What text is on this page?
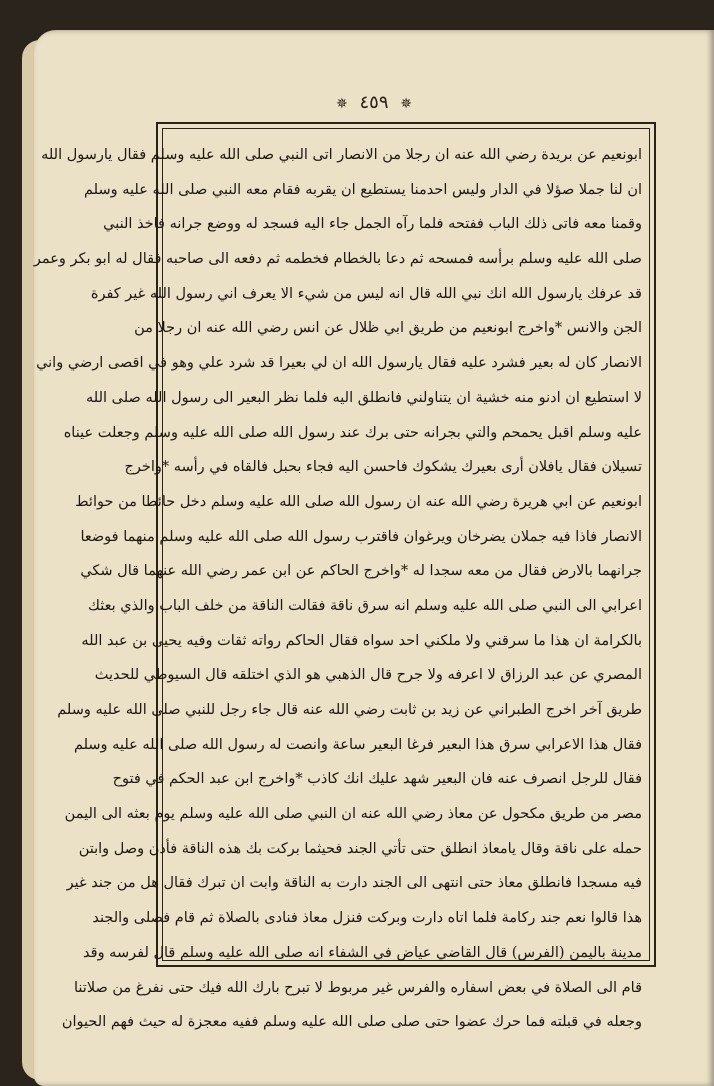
✵ ٤٥٩ ✵
ابونعيم عن بريدة رضي الله عنه ان رجلا من الانصار اتى النبي صلى الله عليه وسلم فقال يارسول الله
ان لنا جملا صؤلا في الدار وليس احدمنا يستطيع ان يقربه فقام معه النبي صلى الله عليه وسلم
وقمنا معه فاتى ذلك الباب ففتحه فلما رآه الجمل جاء اليه فسجد له ووضع جرانه فاخذ النبي
صلى الله عليه وسلم برأسه فمسحه ثم دعا بالخطام فخطمه ثم دفعه الى صاحبه فقال له ابو بكر وعمر
قد عرفك يارسول الله انك نبي الله قال انه ليس من شيء الا يعرف اني رسول الله غير كفرة
الجن والانس *واخرج ابونعيم من طريق ابي ظلال عن انس رضي الله عنه ان رجلا من
الانصار كان له بعير فشرد عليه فقال يارسول الله ان لي بعيرا قد شرد علي وهو في اقصى ارضي واني
لا استطيع ان ادنو منه خشية ان يتناولني فانطلق اليه فلما نظر البعير الى رسول الله صلى الله
عليه وسلم اقبل يحمحم والتي بجرانه حتى برك عند رسول الله صلى الله عليه وسلم وجعلت عيناه
تسيلان فقال يافلان أرى بعيرك يشكوك فاحسن اليه فجاء بحبل فالقاه في رأسه *واخرج
ابونعيم عن ابي هريرة رضي الله عنه ان رسول الله صلى الله عليه وسلم دخل حائطا من حوائط
الانصار فاذا فيه جملان يضرخان ويرغوان فاقترب رسول الله صلى الله عليه وسلم منهما فوضعا
جرانهما بالارض فقال من معه سجدا له *واخرج الحاكم عن ابن عمر رضي الله عنهما قال شكي
اعرابي الى النبي صلى الله عليه وسلم انه سرق ناقة فقالت الناقة من خلف الباب والذي بعثك
بالكرامة ان هذا ما سرقني ولا ملكني احد سواه فقال الحاكم رواته ثقات وفيه يحيى بن عبد الله
المصري عن عبد الرزاق لا اعرفه ولا جرح قال الذهبي هو الذي اختلقه قال السيوطي للحديث
طريق آخر اخرج الطبراني عن زيد بن ثابت رضي الله عنه قال جاء رجل للنبي صلى الله عليه وسلم
فقال هذا الاعرابي سرق هذا البعير فرغا البعير ساعة وانصت له رسول الله صلى الله عليه وسلم
فقال للرجل انصرف عنه فان البعير شهد عليك انك كاذب *واخرج ابن عبد الحكم في فتوح
مصر من طريق مكحول عن معاذ رضي الله عنه ان النبي صلى الله عليه وسلم يوم بعثه الى اليمن
حمله على ناقة وقال يامعاذ انطلق حتى تأتي الجند فحيثما بركت بك هذه الناقة فأذن وصل وابتن
فيه مسجدا فانطلق معاذ حتى انتهى الى الجند دارت به الناقة وابت ان تبرك فقال هل من جند غير
هذا قالوا نعم جند ركامة فلما اتاه دارت وبركت فنزل معاذ فنادى بالصلاة ثم قام فصلى والجند
مدينة باليمن (الفرس) قال القاضي عياض في الشفاء انه صلى الله عليه وسلم قال لفرسه وقد
قام الى الصلاة في بعض اسفاره والفرس غير مربوط لا تبرح بارك الله فيك حتى نفرغ من صلاتنا
وجعله في قبلته فما حرك عضوا حتى صلى صلى الله عليه وسلم ففيه معجزة له حيث فهم الحيوان
